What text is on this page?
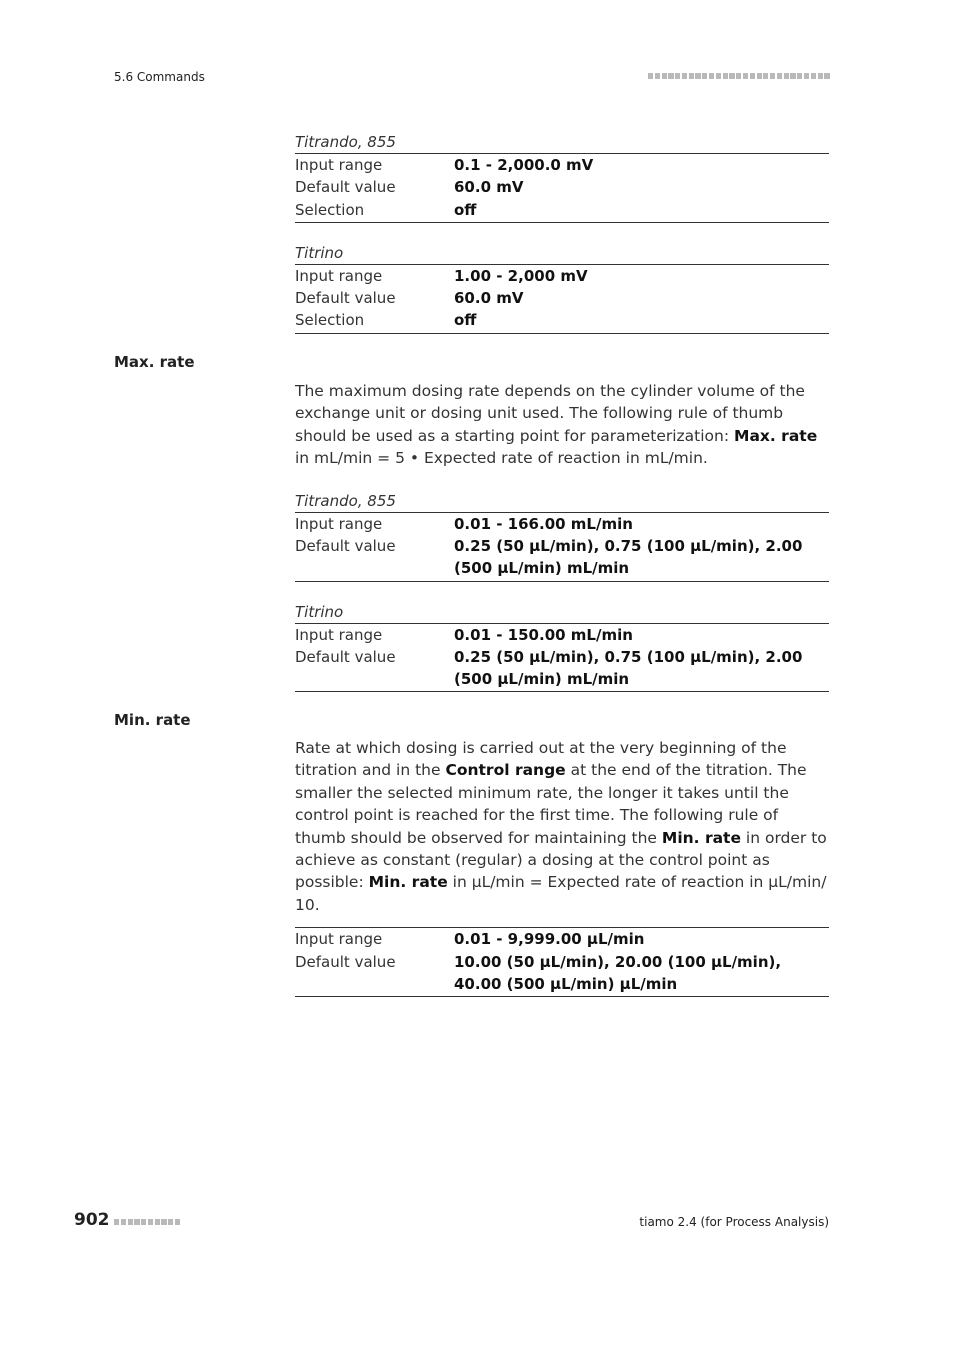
5.6 Commands
Titrando, 855
Input range	0.1 - 2,000.0 mV
Default value	60.0 mV
Selection	off
Titrino
Input range	1.00 - 2,000 mV
Default value	60.0 mV
Selection	off
Max. rate

The maximum dosing rate depends on the cylinder volume of the exchange unit or dosing unit used. The following rule of thumb should be used as a starting point for parameterization: Max. rate in mL/min = 5 • Expected rate of reaction in mL/min.

Titrando, 855
Input range	0.01 - 166.00 mL/min
Default value	0.25 (50 µL/min), 0.75 (100 µL/min), 2.00 (500 µL/min) mL/min
Titrino
Input range	0.01 - 150.00 mL/min
Default value	0.25 (50 µL/min), 0.75 (100 µL/min), 2.00 (500 µL/min) mL/min
Min. rate

Rate at which dosing is carried out at the very beginning of the titration and in the Control range at the end of the titration. The smaller the selected minimum rate, the longer it takes until the control point is reached for the first time. The following rule of thumb should be observed for maintaining the Min. rate in order to achieve as constant (regular) a dosing at the control point as possible: Min. rate in µL/min = Expected rate of reaction in µL/min/ 10.

Input range	0.01 - 9,999.00 µL/min
Default value	10.00 (50 µL/min), 20.00 (100 µL/min), 40.00 (500 µL/min) µL/min
902	tiamo 2.4 (for Process Analysis)
